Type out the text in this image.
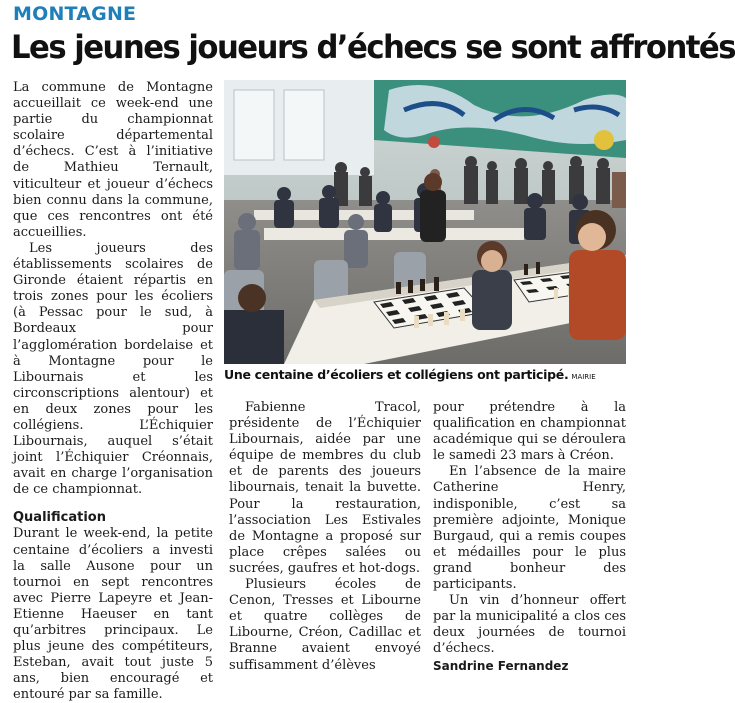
MONTAGNE
Les jeunes joueurs d’échecs se sont affrontés

La commune de Montagne accueillait ce week-end une partie du championnat scolaire départemental d’échecs. C’est à l’initiative de Mathieu Ternault, viticulteur et joueur d’échecs bien connu dans la commune, que ces rencontres ont été accueillies.

Les joueurs des établissements scolaires de Gironde étaient répartis en trois zones pour les écoliers (à Pessac pour le sud, à Bordeaux pour l’agglomération bordelaise et à Montagne pour le Libournais et les circonscriptions alentour) et en deux zones pour les collégiens. L’Échiquier Libournais, auquel s’était joint l’Échiquier Créonnais, avait en charge l’organisation de ce championnat.

Qualification

Durant le week-end, la petite centaine d’écoliers a investi la salle Ausone pour un tournoi en sept rencontres avec Pierre Lapeyre et Jean-Etienne Haeuser en tant qu’arbitres principaux. Le plus jeune des compétiteurs, Esteban, avait tout juste 5 ans, bien encouragé et entouré par sa famille.

Une centaine d’écoliers et collégiens ont participé. MAIRIE

Fabienne Tracol, présidente de l’Échiquier Libournais, aidée par une équipe de membres du club et de parents des joueurs libournais, tenait la buvette. Pour la restauration, l’association Les Estivales de Montagne a proposé sur place crêpes salées ou sucrées, gaufres et hot-dogs.

Plusieurs écoles de Cenon, Tresses et Libourne et quatre collèges de Libourne, Créon, Cadillac et Branne avaient envoyé suffisamment d’élèves

pour prétendre à la qualification en championnat académique qui se déroulera le samedi 23 mars à Créon.

En l’absence de la maire Catherine Henry, indisponible, c’est sa première adjointe, Monique Burgaud, qui a remis coupes et médailles pour le plus grand bonheur des participants.

Un vin d’honneur offert par la municipalité a clos ces deux journées de tournoi d’échecs.

Sandrine Fernandez
